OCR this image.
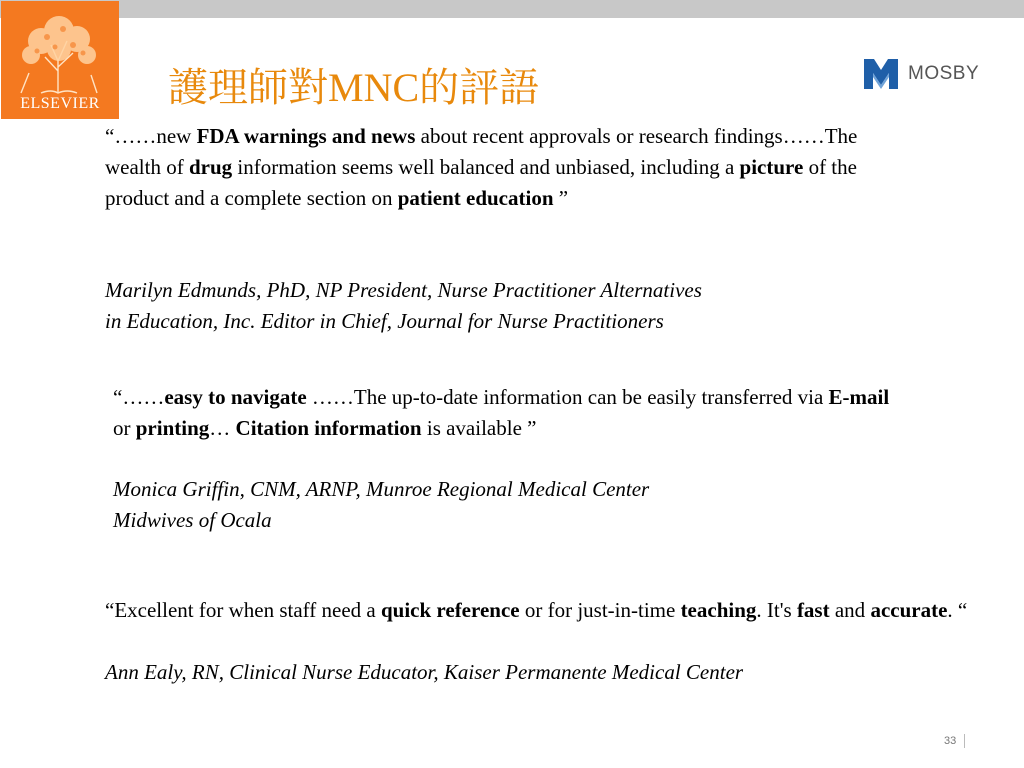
ELSEVIER	護理師對MNC的評語	MOSBY
“……new FDA warnings and news about recent approvals or research findings……The wealth of drug information seems well balanced and unbiased, including a picture of the product and a complete section on patient education ”
Marilyn Edmunds, PhD, NP President, Nurse Practitioner Alternatives
in Education, Inc. Editor in Chief, Journal for Nurse Practitioners
“……easy to navigate ……The up-to-date information can be easily transferred via E-mail or printing… Citation information is available ”
Monica Griffin, CNM, ARNP, Munroe Regional Medical Center
Midwives of Ocala
“Excellent for when staff need a quick reference or for just-in-time teaching. It's fast and accurate. “
Ann Ealy, RN, Clinical Nurse Educator, Kaiser Permanente Medical Center
33
